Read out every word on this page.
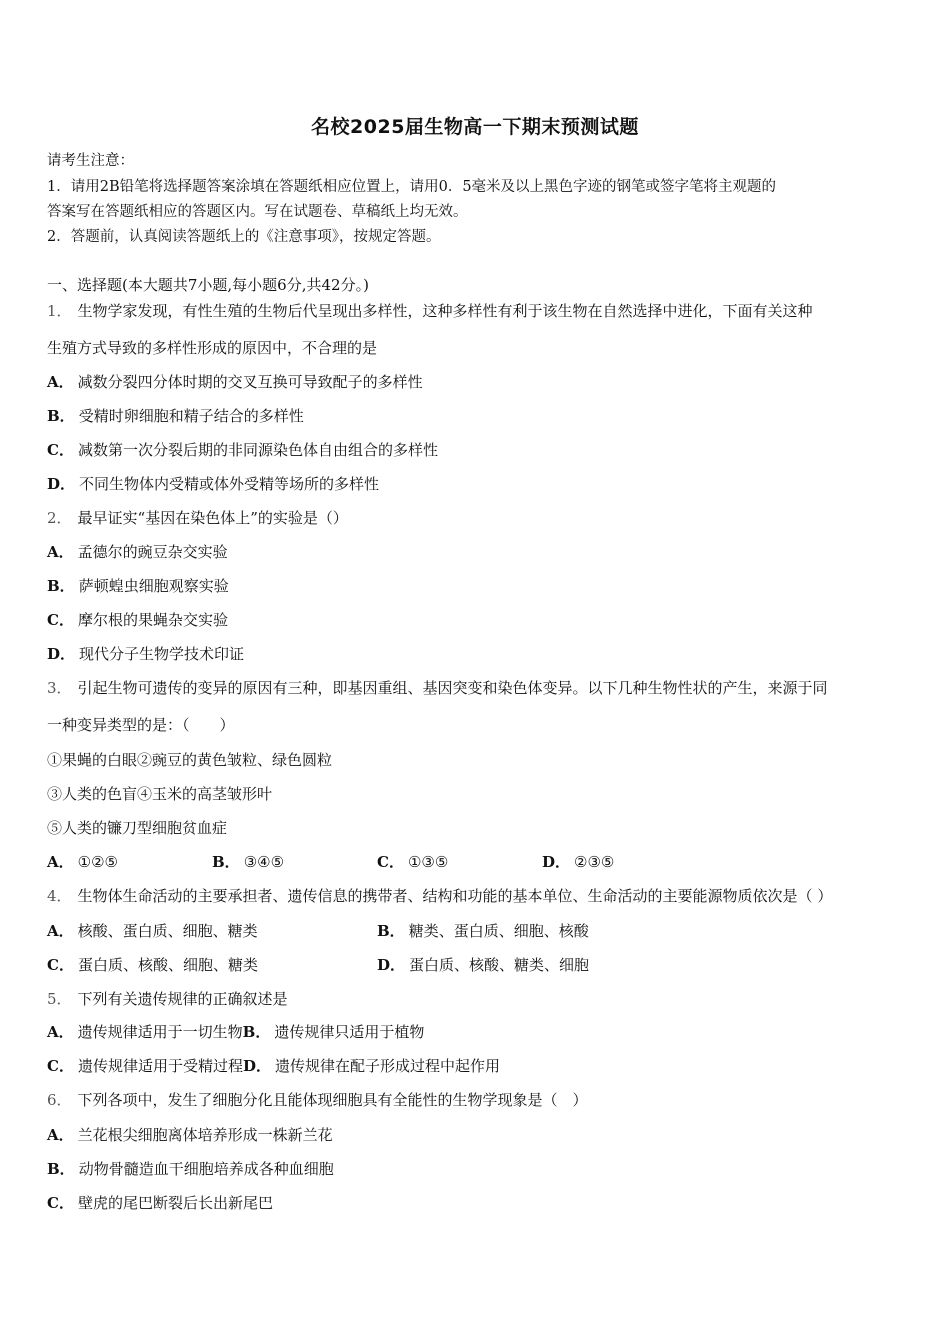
名校2025届生物高一下期末预测试题
请考生注意：
1．请用2B铅笔将选择题答案涂填在答题纸相应位置上，请用0．5毫米及以上黑色字迹的钢笔或签字笔将主观题的
答案写在答题纸相应的答题区内。写在试题卷、草稿纸上均无效。
2．答题前，认真阅读答题纸上的《注意事项》，按规定答题。
一、选择题(本大题共7小题,每小题6分,共42分。)
1． 生物学家发现，有性生殖的生物后代呈现出多样性，这种多样性有利于该生物在自然选择中进化，下面有关这种
生殖方式导致的多样性形成的原因中，不合理的是
A． 减数分裂四分体时期的交叉互换可导致配子的多样性
B． 受精时卵细胞和精子结合的多样性
C． 减数第一次分裂后期的非同源染色体自由组合的多样性
D． 不同生物体内受精或体外受精等场所的多样性
2． 最早证实“基因在染色体上”的实验是（）
A． 孟德尔的豌豆杂交实验
B． 萨顿蝗虫细胞观察实验
C． 摩尔根的果蝇杂交实验
D． 现代分子生物学技术印证
3． 引起生物可遗传的变异的原因有三种，即基因重组、基因突变和染色体变异。以下几种生物性状的产生，来源于同
一种变异类型的是：（　　）
①果蝇的白眼②豌豆的黄色皱粒、绿色圆粒
③人类的色盲④玉米的高茎皱形叶
⑤人类的镰刀型细胞贫血症
A． ①②⑤	B． ③④⑤	C． ①③⑤	D． ②③⑤
4． 生物体生命活动的主要承担者、遗传信息的携带者、结构和功能的基本单位、生命活动的主要能源物质依次是（ ）
A． 核酸、蛋白质、细胞、糖类	B． 糖类、蛋白质、细胞、核酸
C． 蛋白质、核酸、细胞、糖类	D． 蛋白质、核酸、糖类、细胞
5． 下列有关遗传规律的正确叙述是
A． 遗传规律适用于一切生物B． 遗传规律只适用于植物
C． 遗传规律适用于受精过程D． 遗传规律在配子形成过程中起作用
6． 下列各项中，发生了细胞分化且能体现细胞具有全能性的生物学现象是（　）
A． 兰花根尖细胞离体培养形成一株新兰花
B． 动物骨髓造血干细胞培养成各种血细胞
C． 壁虎的尾巴断裂后长出新尾巴
